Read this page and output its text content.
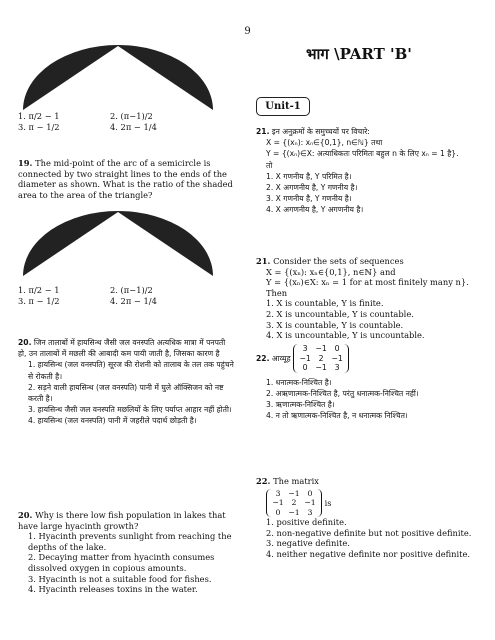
9
1. π/2 − 1	2. (π−1)/2
3. π − 1/2	4. 2π − 1/4

19. The mid-point of the arc of a semicircle is connected by two straight lines to the ends of the diameter as shown. What is the ratio of the shaded area to the area of the triangle?

1. π/2 − 1	2. (π−1)/2
3. π − 1/2	4. 2π − 1/4

20. जिन तालाबों में हायसिन्थ जैसी जल वनस्पति अत्यधिक मात्रा में पनपती हो, उन तालाबों में मछली की आबादी कम पायी जाती है, जिसका कारण है

1. हायसिन्थ (जल वनस्पति) सूरज की रोशनी को तालाब के तल तक पहुंचने से रोकती है।
2. सड़ने वाली हायसिन्थ (जल वनस्पति) पानी में घुले ऑक्सिजन को नष्ट करती है।
3. हायसिन्थ जैसी जल वनस्पति मछलियों के लिए पर्याप्त आहार नहीं होती।
4. हायसिन्थ (जल वनस्पति) पानी में जहरीले पदार्थ छोड़ती है।

20. Why is there low fish population in lakes that have large hyacinth growth?

1. Hyacinth prevents sunlight from reaching the depths of the lake.
2. Decaying matter from hyacinth consumes dissolved oxygen in copious amounts.
3. Hyacinth is not a suitable food for fishes.
4. Hyacinth releases toxins in the water.
भाग \PART 'B'
Unit-1

21. इन अनुक्रमों के समुच्चयों पर विचारे:

X = {(xₙ): xₙ∈{0,1}, n∈ℕ} तथा
Y = {(xₙ)∈X: अत्याधिकतः परिमितः बहुल n के लिए xₙ = 1 है}.
तो
1. X गणनीय है, Y परिमित है।
2. X अगणनीय है, Y गणनीय है।
3. X गणनीय है, Y गणनीय है।
4. X अगणनीय है, Y अगणनीय है।

21. Consider the sets of sequences

X = {(xₙ): xₙ∈{0,1}, n∈ℕ} and
Y = {(xₙ)∈X: xₙ = 1 for at most finitely many n}.
Then
1. X is countable, Y is finite.
2. X is uncountable, Y is countable.
3. X is countable, Y is countable.
4. X is uncountable, Y is uncountable.
22.
आव्यूह

3 −1 0
−1 2 −1
0 −1 3
1. धनात्मक-निश्चित है।
2. अऋणात्मक-निश्चित है, परंतु धनात्मक-निश्चित नहीं।
3. ऋणात्मक-निश्चित है।
4. न तो ऋणात्मक-निश्चित है, न धनात्मक निश्चित।

22. The matrix

3 −1 0
−1 2 −1
0 −1 3

is
1. positive definite.
2. non-negative definite but not positive definite.
3. negative definite.
4. neither negative definite nor positive definite.
